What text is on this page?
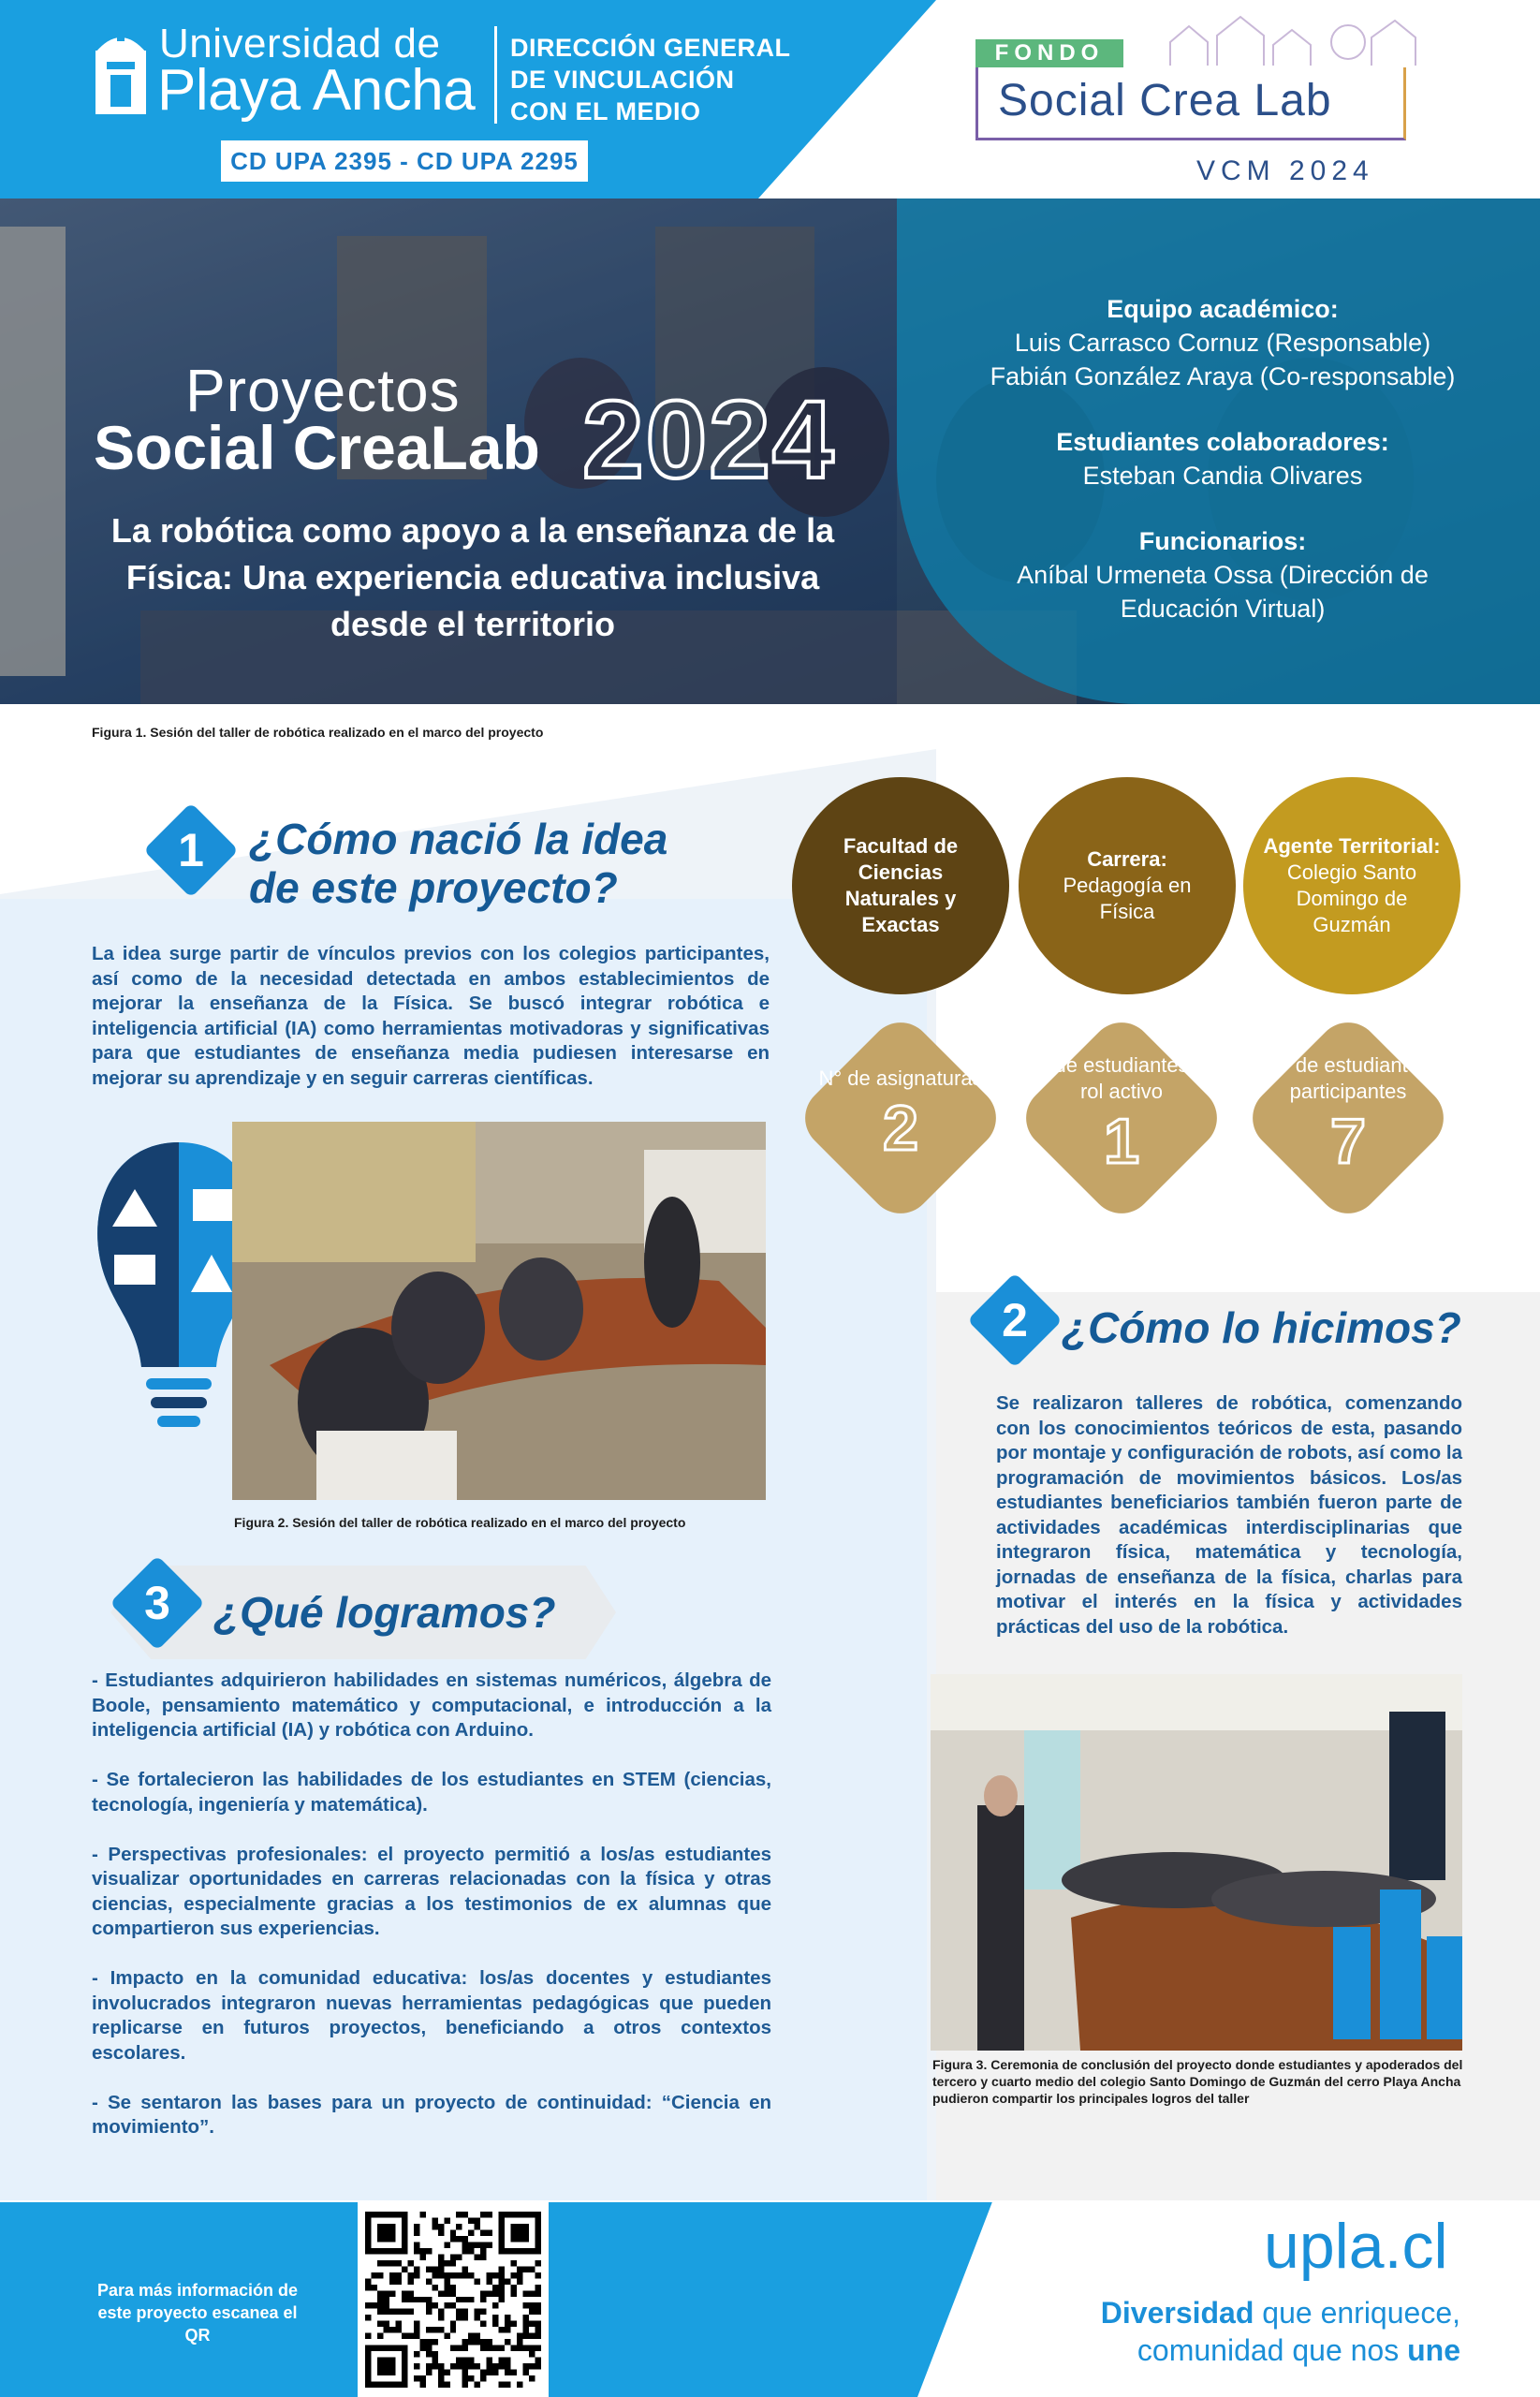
Universidad de
Playa Ancha
DIRECCIÓN GENERAL
DE VINCULACIÓN
CON EL MEDIO
CD UPA 2395 - CD UPA 2295
FONDO
Social Crea Lab
VCM 2024
Proyectos
Social CreaLab 2024
La robótica como apoyo a la enseñanza de la Física: Una experiencia educativa inclusiva desde el territorio
Equipo académico:
Luis Carrasco Cornuz (Responsable)
Fabián González Araya (Co-responsable)
Estudiantes colaboradores:
Esteban Candia Olivares
Funcionarios:
Aníbal Urmeneta Ossa (Dirección de Educación Virtual)
Figura 1. Sesión del taller de robótica realizado en el marco del proyecto
1	¿Cómo nació la idea
de este proyecto?
La idea surge partir de vínculos previos con los colegios participantes, así como de la necesidad detectada en ambos establecimientos de mejorar la enseñanza de la Física. Se buscó integrar robótica e inteligencia artificial (IA) como herramientas motivadoras y significativas para que estudiantes de enseñanza media pudiesen interesarse en mejorar su aprendizaje y en seguir carreras científicas.
Figura 2. Sesión del taller de robótica realizado en el marco del proyecto
Facultad de Ciencias Naturales y Exactas
Carrera:
Pedagogía en Física
Agente Territorial:
Colegio Santo Domingo de Guzmán
N° de asignaturas
2
N° de estudiantes en rol activo
1
N° de estudiantes participantes
7
2 ¿Cómo lo hicimos?
Se realizaron talleres de robótica, comenzando con los conocimientos teóricos de esta, pasando por montaje y configuración de robots, así como la programación de movimientos básicos. Los/as estudiantes beneficiarios también fueron parte de actividades académicas interdisciplinarias que integraron física, matemática y tecnología, jornadas de enseñanza de la física, charlas para motivar el interés en la física y actividades prácticas del uso de la robótica.
Figura 3. Ceremonia de conclusión del proyecto donde estudiantes y apoderados del tercero y cuarto medio del colegio Santo Domingo de Guzmán del cerro Playa Ancha pudieron compartir los principales logros del taller
3	¿Qué logramos?

- Estudiantes adquirieron habilidades en sistemas numéricos, álgebra de Boole, pensamiento matemático y computacional, e introducción a la inteligencia artificial (IA) y robótica con Arduino.

- Se fortalecieron las habilidades de los estudiantes en STEM (ciencias, tecnología, ingeniería y matemática).

- Perspectivas profesionales: el proyecto permitió a los/as estudiantes visualizar oportunidades en carreras relacionadas con la física y otras ciencias, especialmente gracias a los testimonios de ex alumnas que compartieron sus experiencias.

- Impacto en la comunidad educativa: los/as docentes y estudiantes involucrados integraron nuevas herramientas pedagógicas que pueden replicarse en futuros proyectos, beneficiando a otros contextos escolares.

- Se sentaron las bases para un proyecto de continuidad: “Ciencia en movimiento”.

Para más información de este proyecto escanea el QR
upla.cl
Diversidad que enriquece,
comunidad que nos une
